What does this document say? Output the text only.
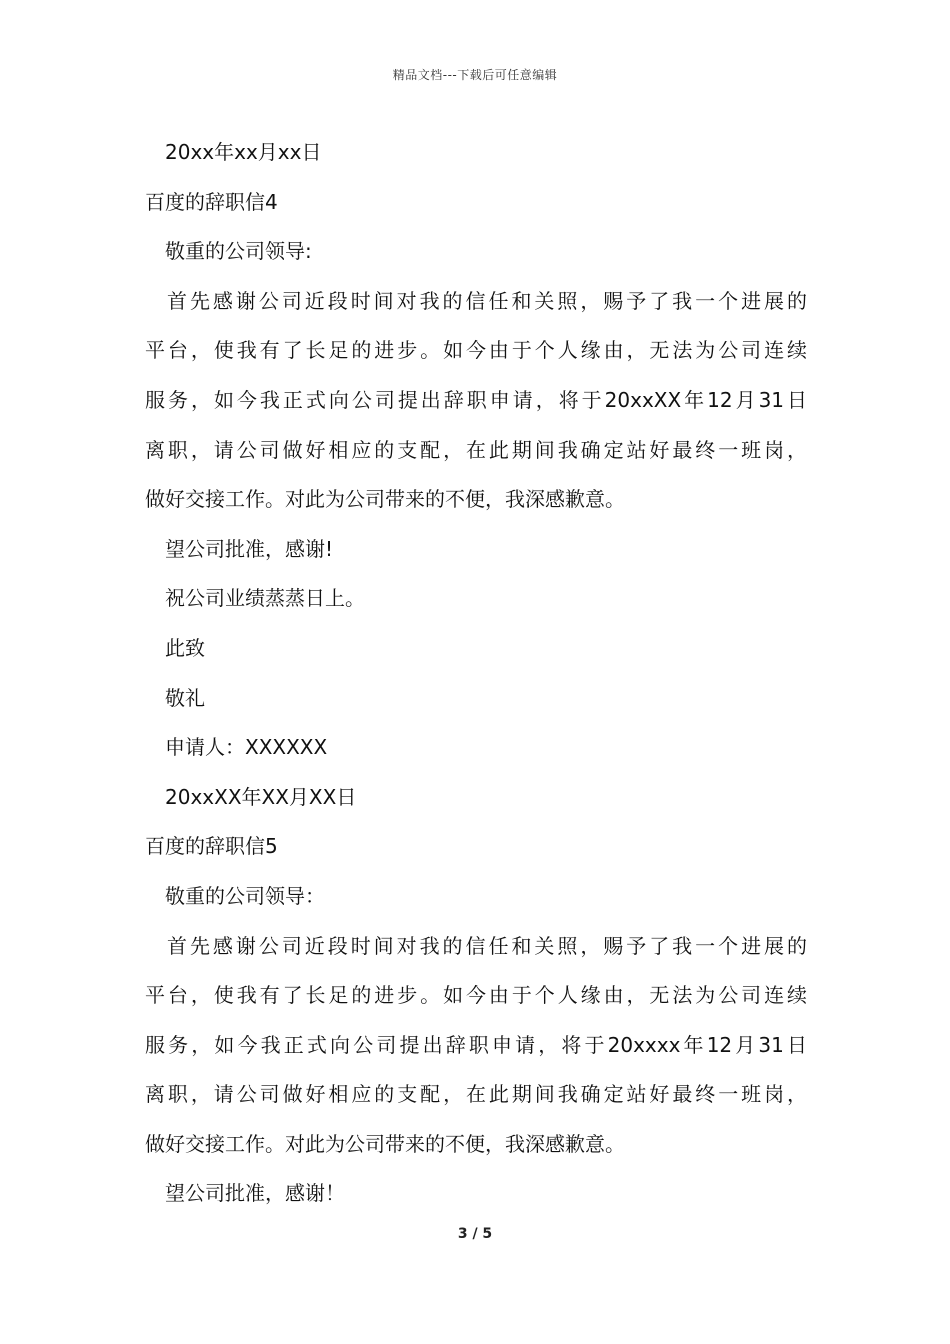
精品文档---下载后可任意编辑
20xx年xx月xx日
百度的辞职信4
敬重的公司领导:
首先感谢公司近段时间对我的信任和关照，赐予了我一个进展的
平台，使我有了长足的进步。如今由于个人缘由，无法为公司连续
服务，如今我正式向公司提出辞职申请，将于20xxXX年12月31日
离职，请公司做好相应的支配，在此期间我确定站好最终一班岗，
做好交接工作。对此为公司带来的不便，我深感歉意。
望公司批准，感谢!
祝公司业绩蒸蒸日上。
此致
敬礼
申请人：XXXXXX
20xxXX年XX月XX日
百度的辞职信5
敬重的公司领导：
首先感谢公司近段时间对我的信任和关照，赐予了我一个进展的
平台，使我有了长足的进步。如今由于个人缘由，无法为公司连续
服务，如今我正式向公司提出辞职申请，将于20xxxx年12月31日
离职，请公司做好相应的支配，在此期间我确定站好最终一班岗，
做好交接工作。对此为公司带来的不便，我深感歉意。
望公司批准，感谢！
3 / 5
